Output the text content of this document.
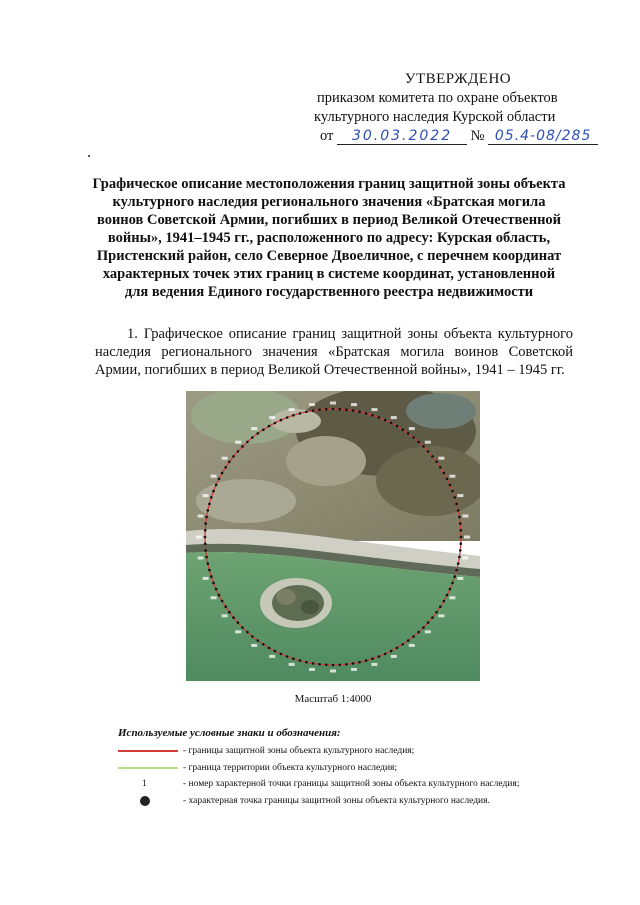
УТВЕРЖДЕНО
приказом комитета по охране объектов
культурного наследия Курской области
от 30.03.2022 № 05.4-08/285
Графическое описание местоположения границ защитной зоны объекта культурного наследия регионального значения «Братская могила воинов Советской Армии, погибших в период Великой Отечественной войны», 1941–1945 гг., расположенного по адресу: Курская область, Пристенский район, село Северное Двоеличное, с перечнем координат характерных точек этих границ в системе координат, установленной для ведения Единого государственного реестра недвижимости
1. Графическое описание границ защитной зоны объекта культурного наследия регионального значения «Братская могила воинов Советской Армии, погибших в период Великой Отечественной войны», 1941 – 1945 гг.
Масштаб 1:4000
Используемые условные знаки и обозначения:
- границы защитной зоны объекта культурного наследия;
- граница территории объекта культурного наследия;
1	- номер характерной точки границы защитной зоны объекта культурного наследия;
- характерная точка границы защитной зоны объекта культурного наследия.
